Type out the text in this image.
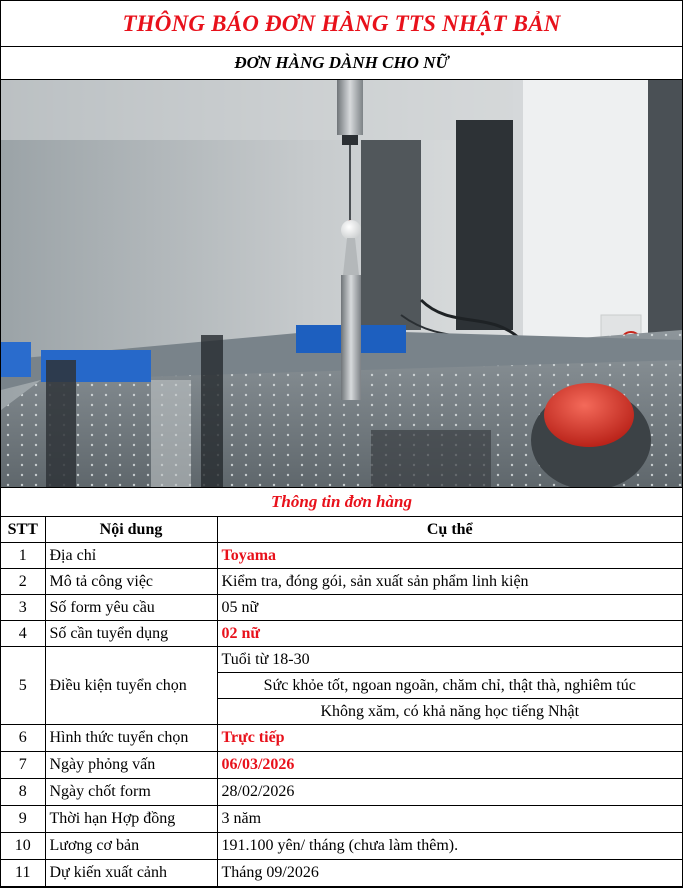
THÔNG BÁO ĐƠN HÀNG TTS NHẬT BẢN
ĐƠN HÀNG DÀNH CHO NỮ
Thông tin đơn hàng
STT	Nội dung	Cụ thể
1	Địa chỉ	Toyama
2	Mô tả công việc	Kiểm tra, đóng gói, sản xuất sản phẩm linh kiện
3	Số form yêu cầu	05 nữ
4	Số cần tuyển dụng	02 nữ
5	Điều kiện tuyển chọn	Tuổi từ 18-30
		Sức khỏe tốt, ngoan ngoãn, chăm chỉ, thật thà, nghiêm túc
		Không xăm, có khả năng học tiếng Nhật
6	Hình thức tuyển chọn	Trực tiếp
7	Ngày phỏng vấn	06/03/2026
8	Ngày chốt form	28/02/2026
9	Thời hạn Hợp đồng	3 năm
10	Lương cơ bản	191.100 yên/ tháng (chưa làm thêm).
11	Dự kiến xuất cảnh	Tháng 09/2026
